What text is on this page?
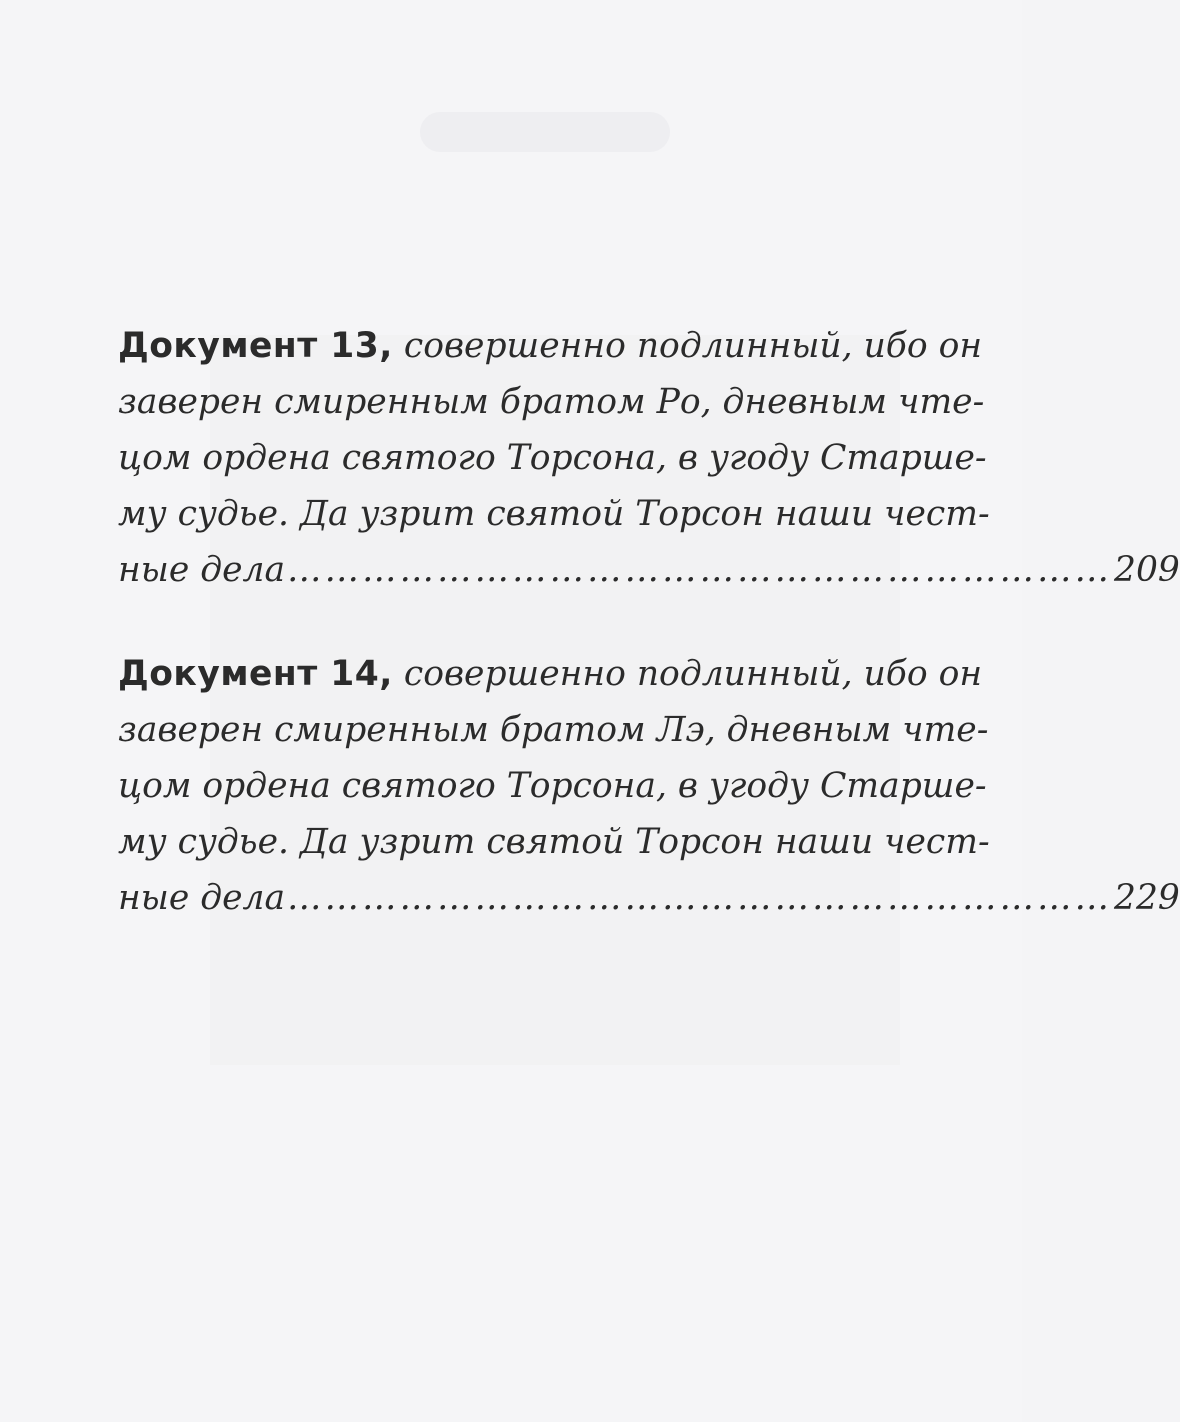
Документ 13, совершенно подлинный, ибо он
заверен смиренным братом Ро, дневным чте-
цом ордена святого Торсона, в угоду Старше-
му судье. Да узрит святой Торсон наши чест-
ные дела ………………………………………………………… 209
Документ 14, совершенно подлинный, ибо он
заверен смиренным братом Лэ, дневным чте-
цом ордена святого Торсона, в угоду Старше-
му судье. Да узрит святой Торсон наши чест-
ные дела ………………………………………………………… 229
